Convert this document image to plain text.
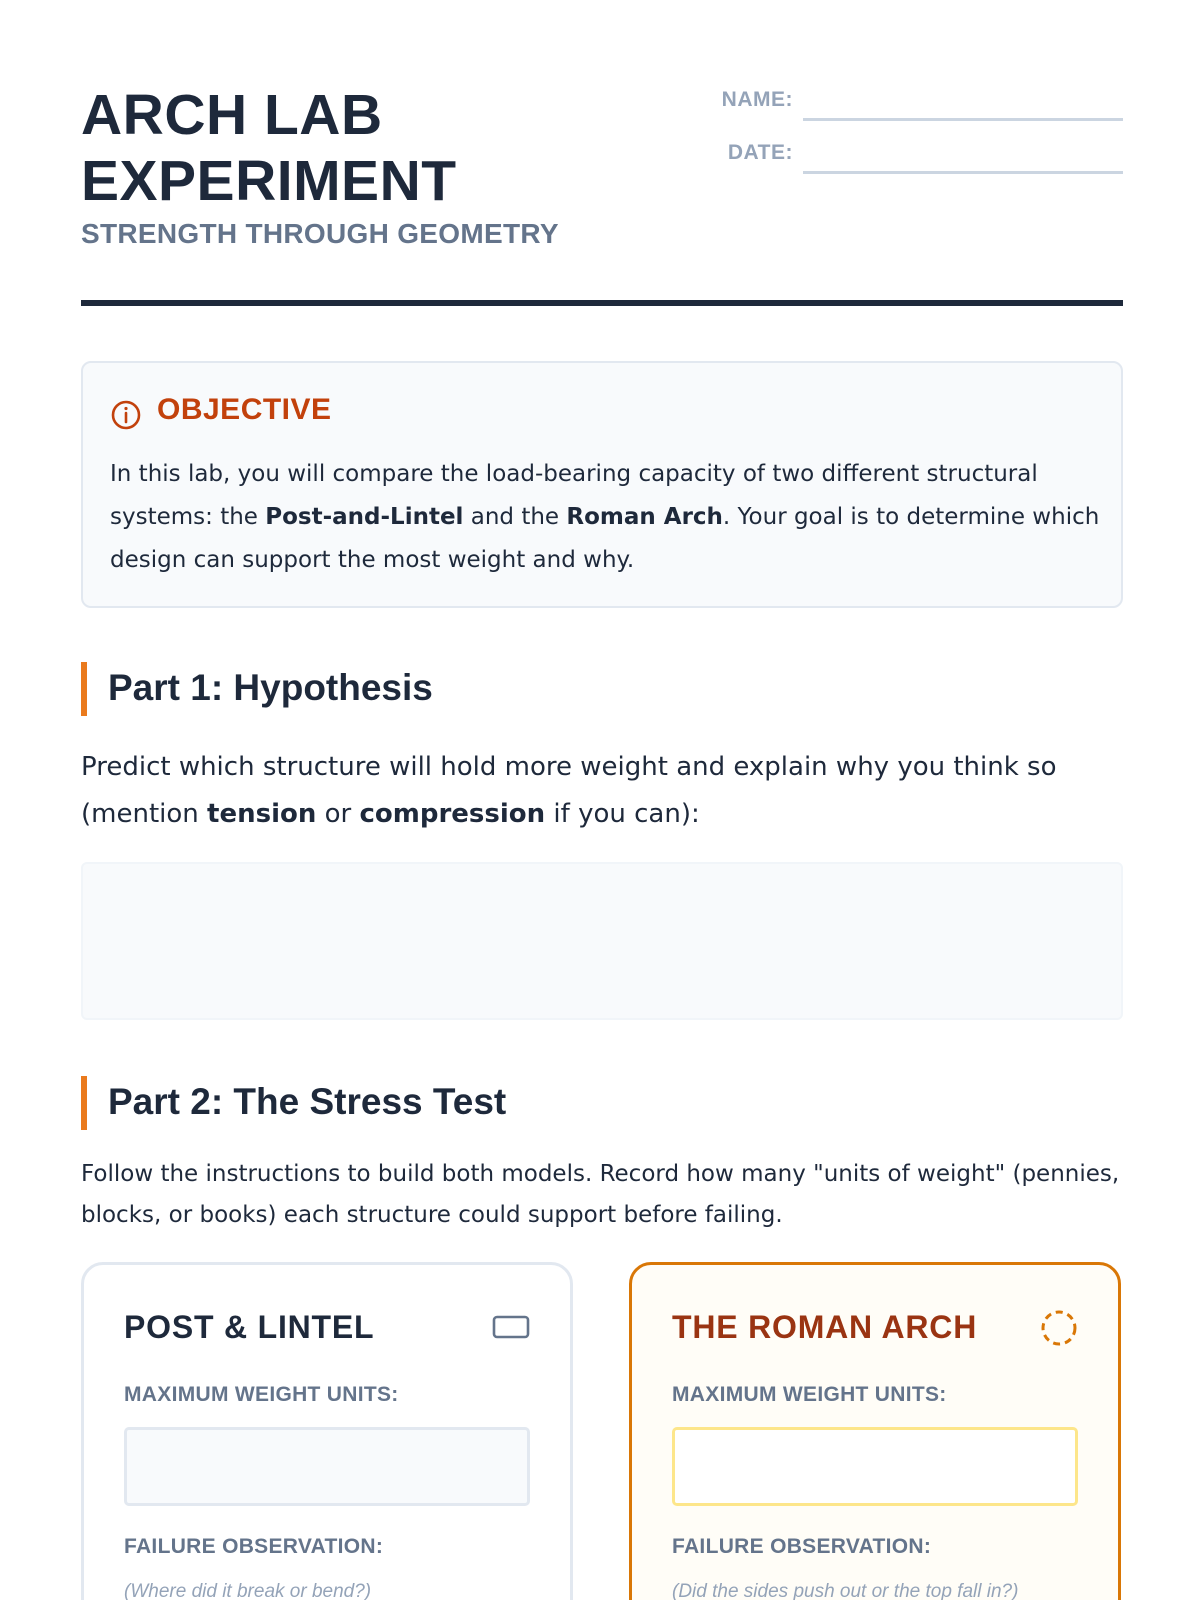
ARCH LAB
EXPERIMENT
STRENGTH THROUGH GEOMETRY
NAME:
DATE:
OBJECTIVE
In this lab, you will compare the load-bearing capacity of two different structural systems: the Post-and-Lintel and the Roman Arch. Your goal is to determine which design can support the most weight and why.
Part 1: Hypothesis
Predict which structure will hold more weight and explain why you think so (mention tension or compression if you can):
Part 2: The Stress Test
Follow the instructions to build both models. Record how many "units of weight" (pennies, blocks, or books) each structure could support before failing.
POST & LINTEL
MAXIMUM WEIGHT UNITS:
FAILURE OBSERVATION:
(Where did it break or bend?)
THE ROMAN ARCH
MAXIMUM WEIGHT UNITS:
FAILURE OBSERVATION:
(Did the sides push out or the top fall in?)
